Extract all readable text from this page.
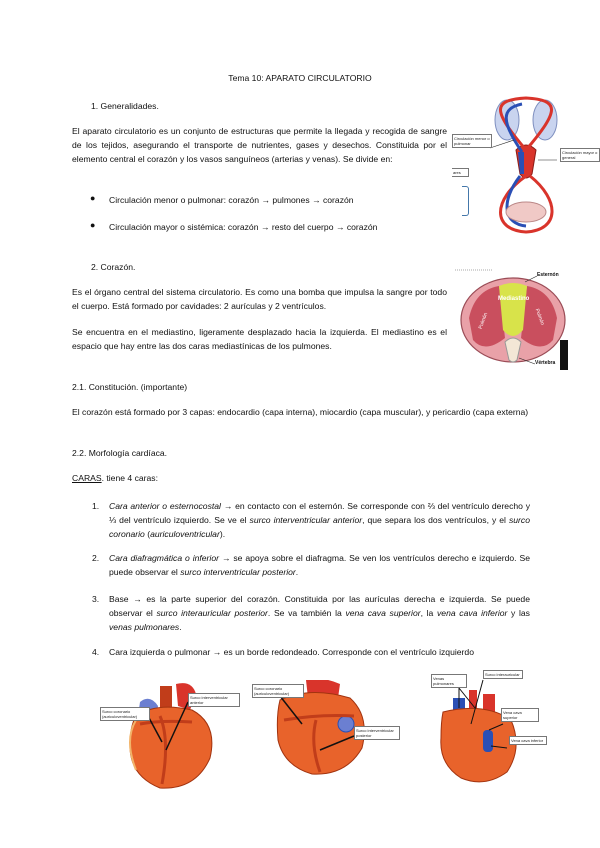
Tema 10: APARATO CIRCULATORIO
1. Generalidades.

El aparato circulatorio es un conjunto de estructuras que permite la llegada y recogida de sangre de los tejidos, asegurando el transporte de nutrientes, gases y desechos. Constituida por el elemento central el corazón y los vasos sanguíneos (arterias y venas). Se divide en:

● Circulación menor o pulmonar: corazón → pulmones → corazón
● Circulación mayor o sistémica: corazón → resto del cuerpo → corazón
Circulación menor o pulmonar
Circulación mayor o general
ares
2. Corazón.

Es el órgano central del sistema circulatorio. Es como una bomba que impulsa la sangre por todo el cuerpo. Está formado por cavidades: 2 aurículas y 2 ventrículos.

Se encuentra en el mediastino, ligeramente desplazado hacia la izquierda. El mediastino es el espacio que hay entre las dos caras mediastínicas de los pulmones.

Esternón
Mediastino
Pulmón	Pulmón
Vértebra
2.1. Constitución. (importante)

El corazón está formado por 3 capas: endocardio (capa interna), miocardio (capa muscular), y pericardio (capa externa)

2.2. Morfología cardíaca.
CARAS. tiene 4 caras:
1. Cara anterior o esternocostal → en contacto con el esternón. Se corresponde con ⅔ del ventrículo derecho y ⅓ del ventrículo izquierdo. Se ve el surco interventricular anterior, que separa los dos ventrículos, y el surco coronario (auriculoventricular).

2. Cara diafragmática o inferior → se apoya sobre el diafragma. Se ven los ventrículos derecho e izquierdo. Se puede observar el surco interventricular posterior.

3. Base → es la parte superior del corazón. Constituida por las aurículas derecha e izquierda. Se puede observar el surco interauricular posterior. Se va también la vena cava superior, la vena cava inferior y las venas pulmonares.

4. Cara izquierda o pulmonar → es un borde redondeado. Corresponde con el ventrículo izquierdo

Surco coronario (auriculoventricular)
Surco interventricular anterior
Surco coronario (auriculoventricular)
Surco interventricular posterior
Venas pulmonares
Surco interauricular
Vena cava superior
Vena cava inferior
